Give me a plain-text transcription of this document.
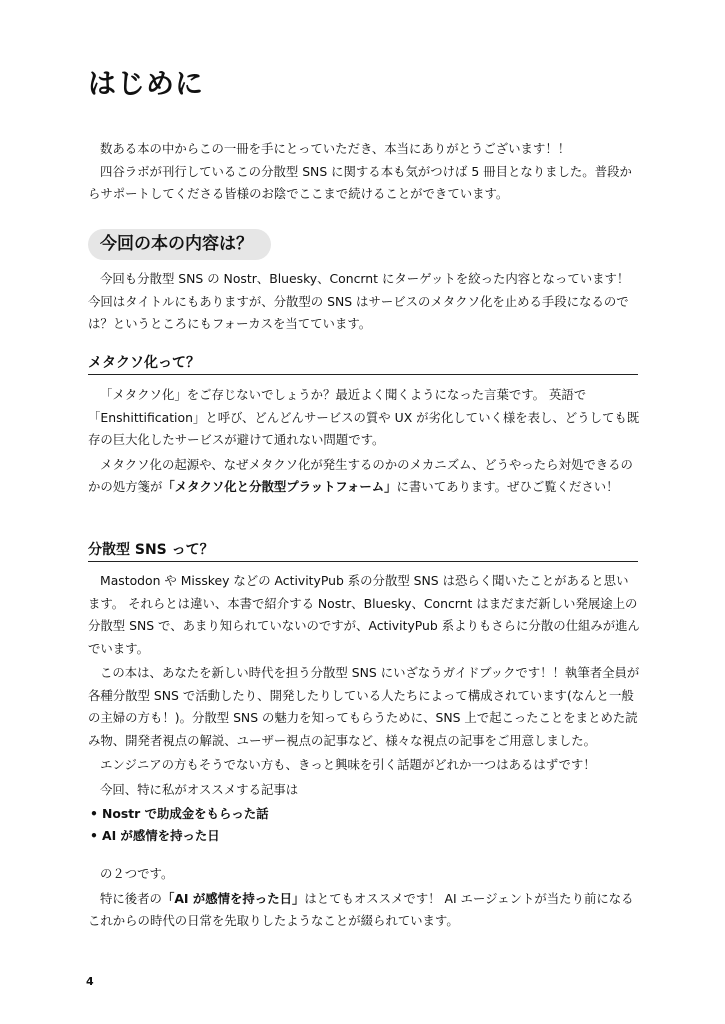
はじめに

数ある本の中からこの一冊を手にとっていただき、本当にありがとうございます！！

四谷ラボが刊行しているこの分散型 SNS に関する本も気がつけば 5 冊目となりました。普段からサポートしてくださる皆様のお陰でここまで続けることができています。

今回の本の内容は？

今回も分散型 SNS の Nostr、Bluesky、Concrnt にターゲットを絞った内容となっています！今回はタイトルにもありますが、分散型の SNS はサービスのメタクソ化を止める手段になるのでは？というところにもフォーカスを当てています。

メタクソ化って？

「メタクソ化」をご存じないでしょうか？最近よく聞くようになった言葉です。 英語で「Enshittification」と呼び、どんどんサービスの質や UX が劣化していく様を表し、どうしても既存の巨大化したサービスが避けて通れない問題です。

メタクソ化の起源や、なぜメタクソ化が発生するのかのメカニズム、どうやったら対処できるのかの処方箋が「メタクソ化と分散型プラットフォーム」に書いてあります。ぜひご覧ください！

分散型 SNS って？

Mastodon や Misskey などの ActivityPub 系の分散型 SNS は恐らく聞いたことがあると思います。 それらとは違い、本書で紹介する Nostr、Bluesky、Concrnt はまだまだ新しい発展途上の分散型 SNS で、あまり知られていないのですが、ActivityPub 系よりもさらに分散の仕組みが進んでいます。

この本は、あなたを新しい時代を担う分散型 SNS にいざなうガイドブックです！！執筆者全員が各種分散型 SNS で活動したり、開発したりしている人たちによって構成されています(なんと一般の主婦の方も！)。分散型 SNS の魅力を知ってもらうために、SNS 上で起こったことをまとめた読み物、開発者視点の解説、ユーザー視点の記事など、様々な視点の記事をご用意しました。

エンジニアの方もそうでない方も、きっと興味を引く話題がどれか一つはあるはずです！

今回、特に私がオススメする記事は

• Nostr で助成金をもらった話
• AI が感情を持った日

の２つです。

特に後者の「AI が感情を持った日」はとてもオススメです！ AI エージェントが当たり前になるこれからの時代の日常を先取りしたようなことが綴られています。

4
